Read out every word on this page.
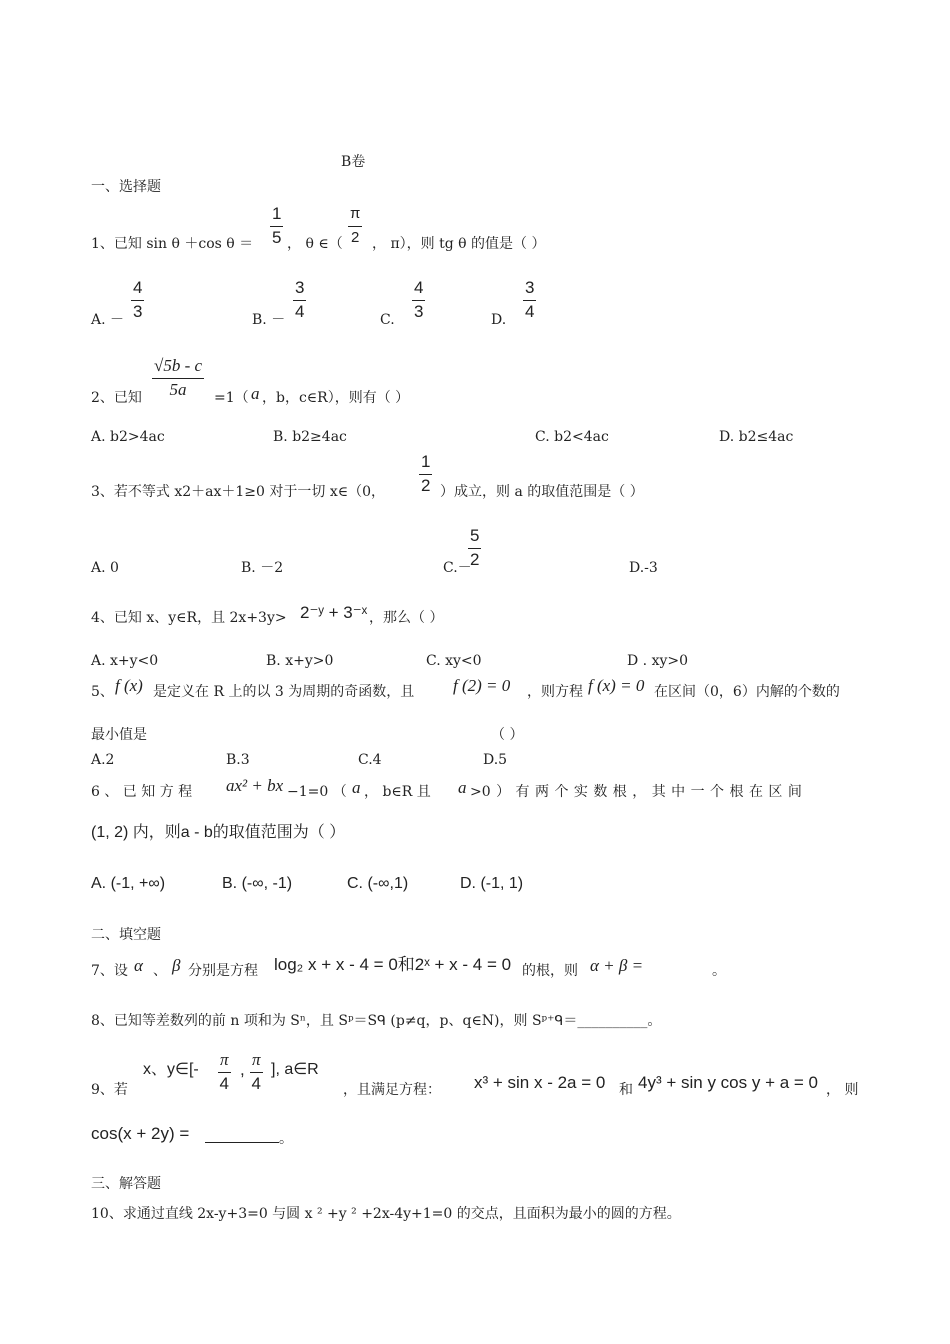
B卷
一、选择题
1、已知 sin θ ＋cos $\theta = \frac{1}{5}$ ， θ ∈（ $\frac{\pi}{2}$ ， π），则 tg θ 的值是（ ）
A. － $\frac{4}{3}$	B. － $\frac{3}{4}$	C. $\frac{4}{3}$	D. $\frac{3}{4}$
2、已知 $\frac{√5b - c}{5a} =1$（ a ，b，c∈R），则有（ ）
A. b2>4ac	B. b2≥4ac	C. b2<4ac	D. b2≤4ac
3、若不等式 x2＋ax＋1≥0 对于一切 x∈（0， $\frac{1}{2}$ ）成立，则 a 的取值范围是（ ）
A. 0	B. －2	C.－
$\frac{5}{2}$	D.-3
4、已知 x、y∈R，且 2x+3y> 2⁻ʸ + 3⁻ˣ ，那么（ ）
A. x+y<0	B. x+y>0	C. xy<0	D . xy>0
5、 f (x) 是定义在 R 上的以 3 为周期的奇函数，且 f (2) = 0 ，则方程 f (x) = 0 在区间（0，6）内解的个数的
最小值是	（ ）
A.2	B.3	C.4	D.5
6 、 已 知 方 程 ax² + bx −1=0 （ a ， b∈R 且 a >0 ） 有 两 个 实 数 根 ， 其 中 一 个 根 在 区 间
(1, 2) 内，则a - b的取值范围为（ ）
A. (-1, +∞)	B. (-∞, -1)	C. (-∞,1)	D. (-1, 1)
二、填空题
7、设 α 、 β 分别是方程 log₂ x + x - 4 = 0和2ˣ + x - 4 = 0 的根，则 α + β =	。
8、已知等差数列的前 n 项和为 Sⁿ，且 Sᵖ＝Sᑫ (p≠q，p、q∈N)，则 Sᵖ⁺ᑫ＝__________。
9、若
x、y∈[- $\frac{\pi}{4}$ , $\frac{\pi}{4}$ ], a∈R
，且满足方程： x³ + sin x - 2a = 0 和 4y³ + sin y cos y + a = 0 ， 则
cos(x + 2y) =	。
三、解答题
10、求通过直线 2x-y+3=0 与圆 x ² +y ² +2x-4y+1=0 的交点，且面积为最小的圆的方程。
